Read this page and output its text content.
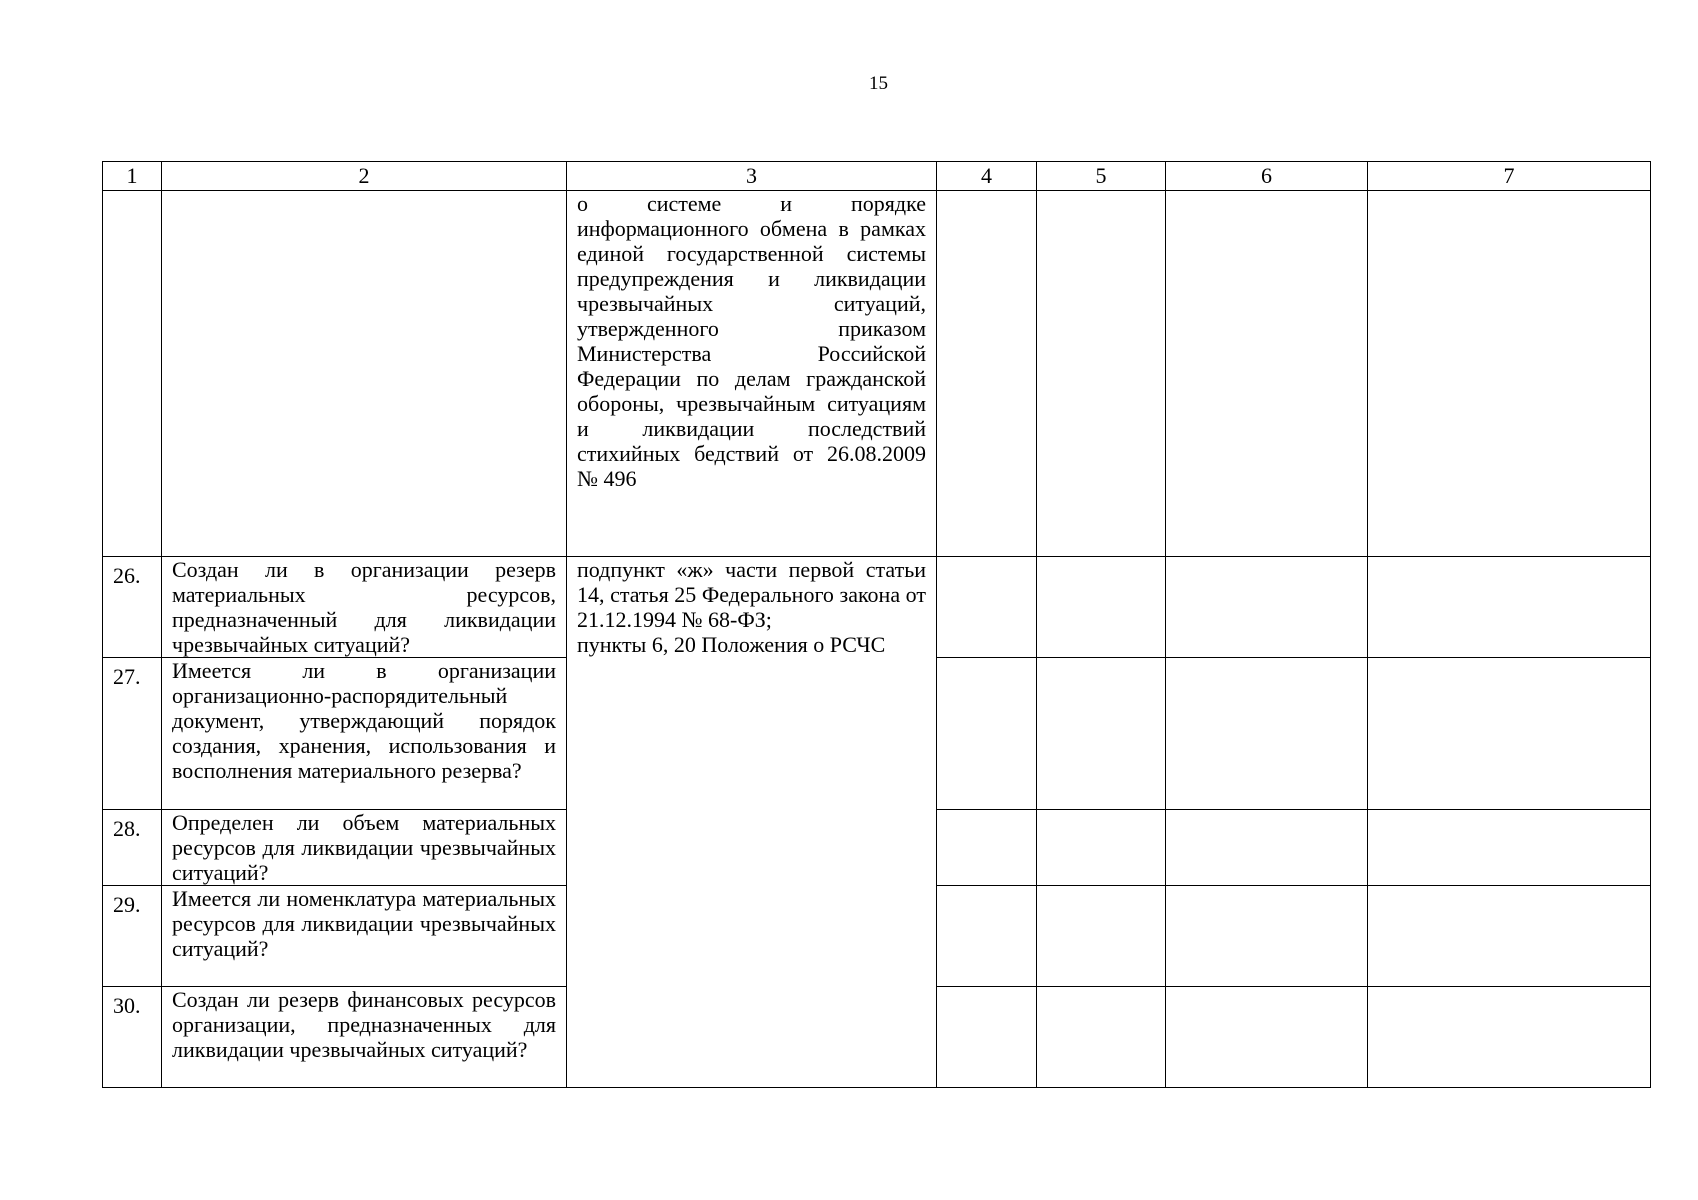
15
1	2	3	4	5	6	7

		о системе и порядке информационного обмена в рамках единой государственной системы предупреждения и ликвидации чрезвычайных ситуаций, утвержденного приказом Министерства Российской Федерации по делам гражданской обороны, чрезвычайным ситуациям и ликвидации последствий стихийных бедствий от 26.08.2009 № 496				

26.	Создан ли в организации резерв материальных ресурсов, предназначенный для ликвидации чрезвычайных ситуаций?	подпункт «ж» части первой статьи 14, статья 25 Федерального закона от 21.12.1994 № 68-ФЗ;
пункты 6, 20 Положения о РСЧС				

27.	Имеется ли в организации организационно-распорядительный документ, утверждающий порядок создания, хранения, использования и восполнения материального резерва?					
28.	Определен ли объем материальных ресурсов для ликвидации чрезвычайных ситуаций?					
29.	Имеется ли номенклатура материальных ресурсов для ликвидации чрезвычайных ситуаций?					
30.	Создан ли резерв финансовых ресурсов организации, предназначенных для ликвидации чрезвычайных ситуаций?					
